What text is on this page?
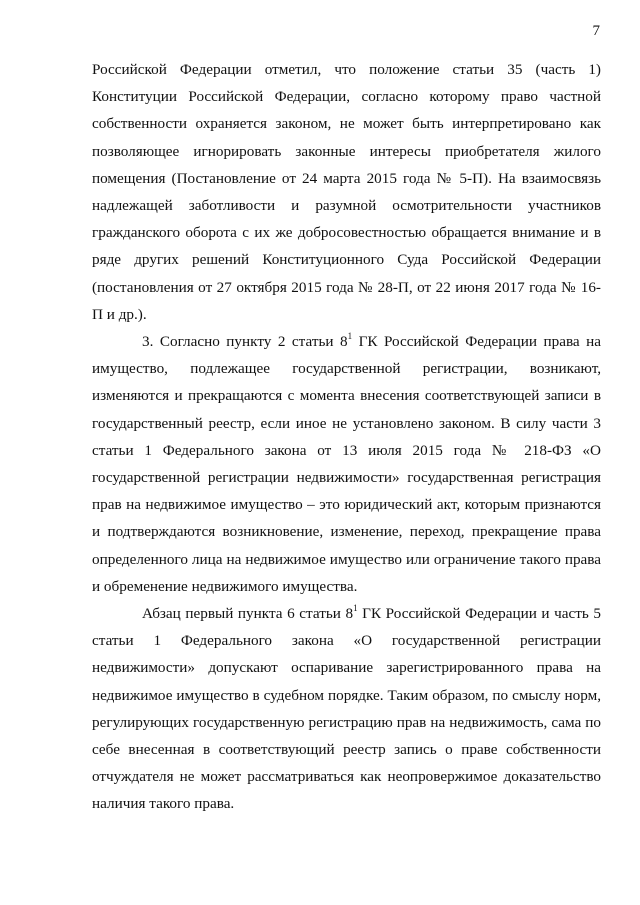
7

Российской Федерации отметил, что положение статьи 35 (часть 1) Конституции Российской Федерации, согласно которому право частной собственности охраняется законом, не может быть интерпретировано как позволяющее игнорировать законные интересы приобретателя жилого помещения (Постановление от 24 марта 2015 года № 5-П). На взаимосвязь надлежащей заботливости и разумной осмотрительности участников гражданского оборота с их же добросовестностью обращается внимание и в ряде других решений Конституционного Суда Российской Федерации (постановления от 27 октября 2015 года № 28-П, от 22 июня 2017 года № 16-П и др.).

3. Согласно пункту 2 статьи $8^1$ ГК Российской Федерации права на имущество, подлежащее государственной регистрации, возникают, изменяются и прекращаются с момента внесения соответствующей записи в государственный реестр, если иное не установлено законом. В силу части 3 статьи 1 Федерального закона от 13 июля 2015 года № 218-ФЗ «О государственной регистрации недвижимости» государственная регистрация прав на недвижимое имущество – это юридический акт, которым признаются и подтверждаются возникновение, изменение, переход, прекращение права определенного лица на недвижимое имущество или ограничение такого права и обременение недвижимого имущества.

Абзац первый пункта 6 статьи $8^1$ ГК Российской Федерации и часть 5 статьи 1 Федерального закона «О государственной регистрации недвижимости» допускают оспаривание зарегистрированного права на недвижимое имущество в судебном порядке. Таким образом, по смыслу норм, регулирующих государственную регистрацию прав на недвижимость, сама по себе внесенная в соответствующий реестр запись о праве собственности отчуждателя не может рассматриваться как неопровержимое доказательство наличия такого права.
